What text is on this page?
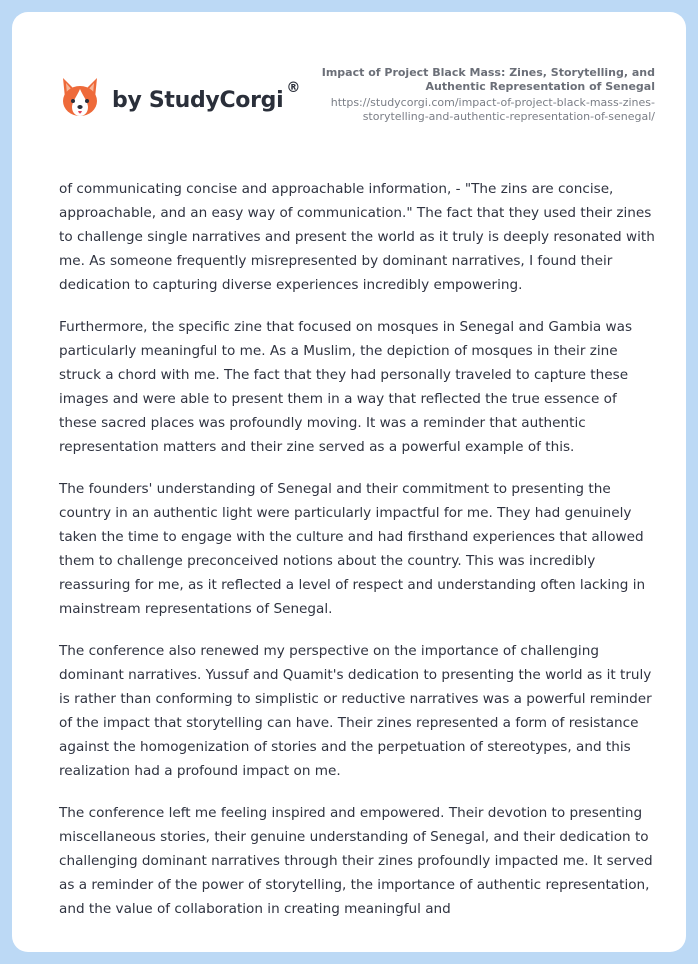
by StudyCorgi ®
Impact of Project Black Mass: Zines, Storytelling, and Authentic Representation of Senegal
https://studycorgi.com/impact-of-project-black-mass-zines-storytelling-and-authentic-representation-of-senegal/

of communicating concise and approachable information, - "The zins are concise, approachable, and an easy way of communication." The fact that they used their zines to challenge single narratives and present the world as it truly is deeply resonated with me. As someone frequently misrepresented by dominant narratives, I found their dedication to capturing diverse experiences incredibly empowering.

Furthermore, the specific zine that focused on mosques in Senegal and Gambia was particularly meaningful to me. As a Muslim, the depiction of mosques in their zine struck a chord with me. The fact that they had personally traveled to capture these images and were able to present them in a way that reflected the true essence of these sacred places was profoundly moving. It was a reminder that authentic representation matters and their zine served as a powerful example of this.

The founders' understanding of Senegal and their commitment to presenting the country in an authentic light were particularly impactful for me. They had genuinely taken the time to engage with the culture and had firsthand experiences that allowed them to challenge preconceived notions about the country. This was incredibly reassuring for me, as it reflected a level of respect and understanding often lacking in mainstream representations of Senegal.

The conference also renewed my perspective on the importance of challenging dominant narratives. Yussuf and Quamit's dedication to presenting the world as it truly is rather than conforming to simplistic or reductive narratives was a powerful reminder of the impact that storytelling can have. Their zines represented a form of resistance against the homogenization of stories and the perpetuation of stereotypes, and this realization had a profound impact on me.

The conference left me feeling inspired and empowered. Their devotion to presenting miscellaneous stories, their genuine understanding of Senegal, and their dedication to challenging dominant narratives through their zines profoundly impacted me. It served as a reminder of the power of storytelling, the importance of authentic representation, and the value of collaboration in creating meaningful and
